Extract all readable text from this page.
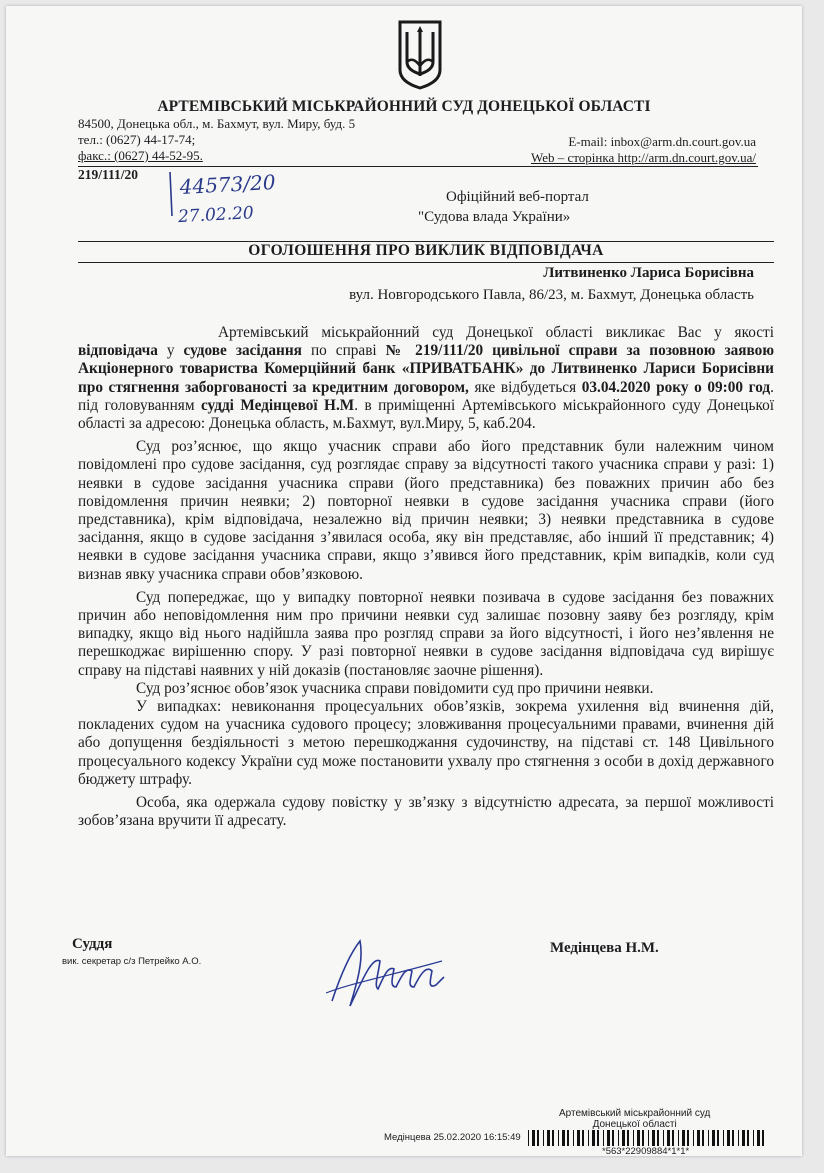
АРТЕМІВСЬКИЙ МІСЬКРАЙОННИЙ СУД ДОНЕЦЬКОЇ ОБЛАСТІ
84500, Донецька обл., м. Бахмут, вул. Миру, буд. 5
тел.: (0627) 44-17-74;
факс.: (0627) 44-52-95.
E-mail: inbox@arm.dn.court.gov.ua
Web – сторінка http://arm.dn.court.gov.ua/
219/111/20 44573/20
27.02.20
Офіційний веб-портал
"Судова влада України»
ОГОЛОШЕННЯ ПРО ВИКЛИК ВІДПОВІДАЧА
Литвиненко Лариса Борисівна
вул. Новгородського Павла, 86/23, м. Бахмут, Донецька область

Артемівський міськрайонний суд Донецької області викликає Вас у якості відповідача у судове засідання по справі № 219/111/20 цивільної справи за позовною заявою Акціонерного товариства Комерційний банк «ПРИВАТБАНК» до Литвиненко Лариси Борисівни про стягнення заборгованості за кредитним договором, яке відбудеться 03.04.2020 року о 09:00 год. під головуванням судді Медінцевої Н.М. в приміщенні Артемівського міськрайонного суду Донецької області за адресою: Донецька область, м.Бахмут, вул.Миру, 5, каб.204.

Суд роз’яснює, що якщо учасник справи або його представник були належним чином повідомлені про судове засідання, суд розглядає справу за відсутності такого учасника справи у разі: 1) неявки в судове засідання учасника справи (його представника) без поважних причин або без повідомлення причин неявки; 2) повторної неявки в судове засідання учасника справи (його представника), крім відповідача, незалежно від причин неявки; 3) неявки представника в судове засідання, якщо в судове засідання з’явилася особа, яку він представляє, або інший її представник; 4) неявки в судове засідання учасника справи, якщо з’явився його представник, крім випадків, коли суд визнав явку учасника справи обов’язковою.

Суд попереджає, що у випадку повторної неявки позивача в судове засідання без поважних причин або неповідомлення ним про причини неявки суд залишає позовну заяву без розгляду, крім випадку, якщо від нього надійшла заява про розгляд справи за його відсутності, і його нез’явлення не перешкоджає вирішенню спору. У разі повторної неявки в судове засідання відповідача суд вирішує справу на підставі наявних у ній доказів (постановляє заочне рішення).

Суд роз’яснює обов’язок учасника справи повідомити суд про причини неявки.

У випадках: невиконання процесуальних обов’язків, зокрема ухилення від вчинення дій, покладених судом на учасника судового процесу; зловживання процесуальними правами, вчинення дій або допущення бездіяльності з метою перешкоджання судочинству, на підставі ст. 148 Цивільного процесуального кодексу України суд може постановити ухвалу про стягнення з особи в дохід державного бюджету штрафу.

Особа, яка одержала судову повістку у зв’язку з відсутністю адресата, за першої можливості зобов’язана вручити її адресату.

Суддя
вик. секретар с/з Петрейко А.О.
Медінцева Н.М.
Артемівський міськрайонний суд
Донецької області
Медінцева 25.02.2020 16:15:49
*563*22909884*1*1*
